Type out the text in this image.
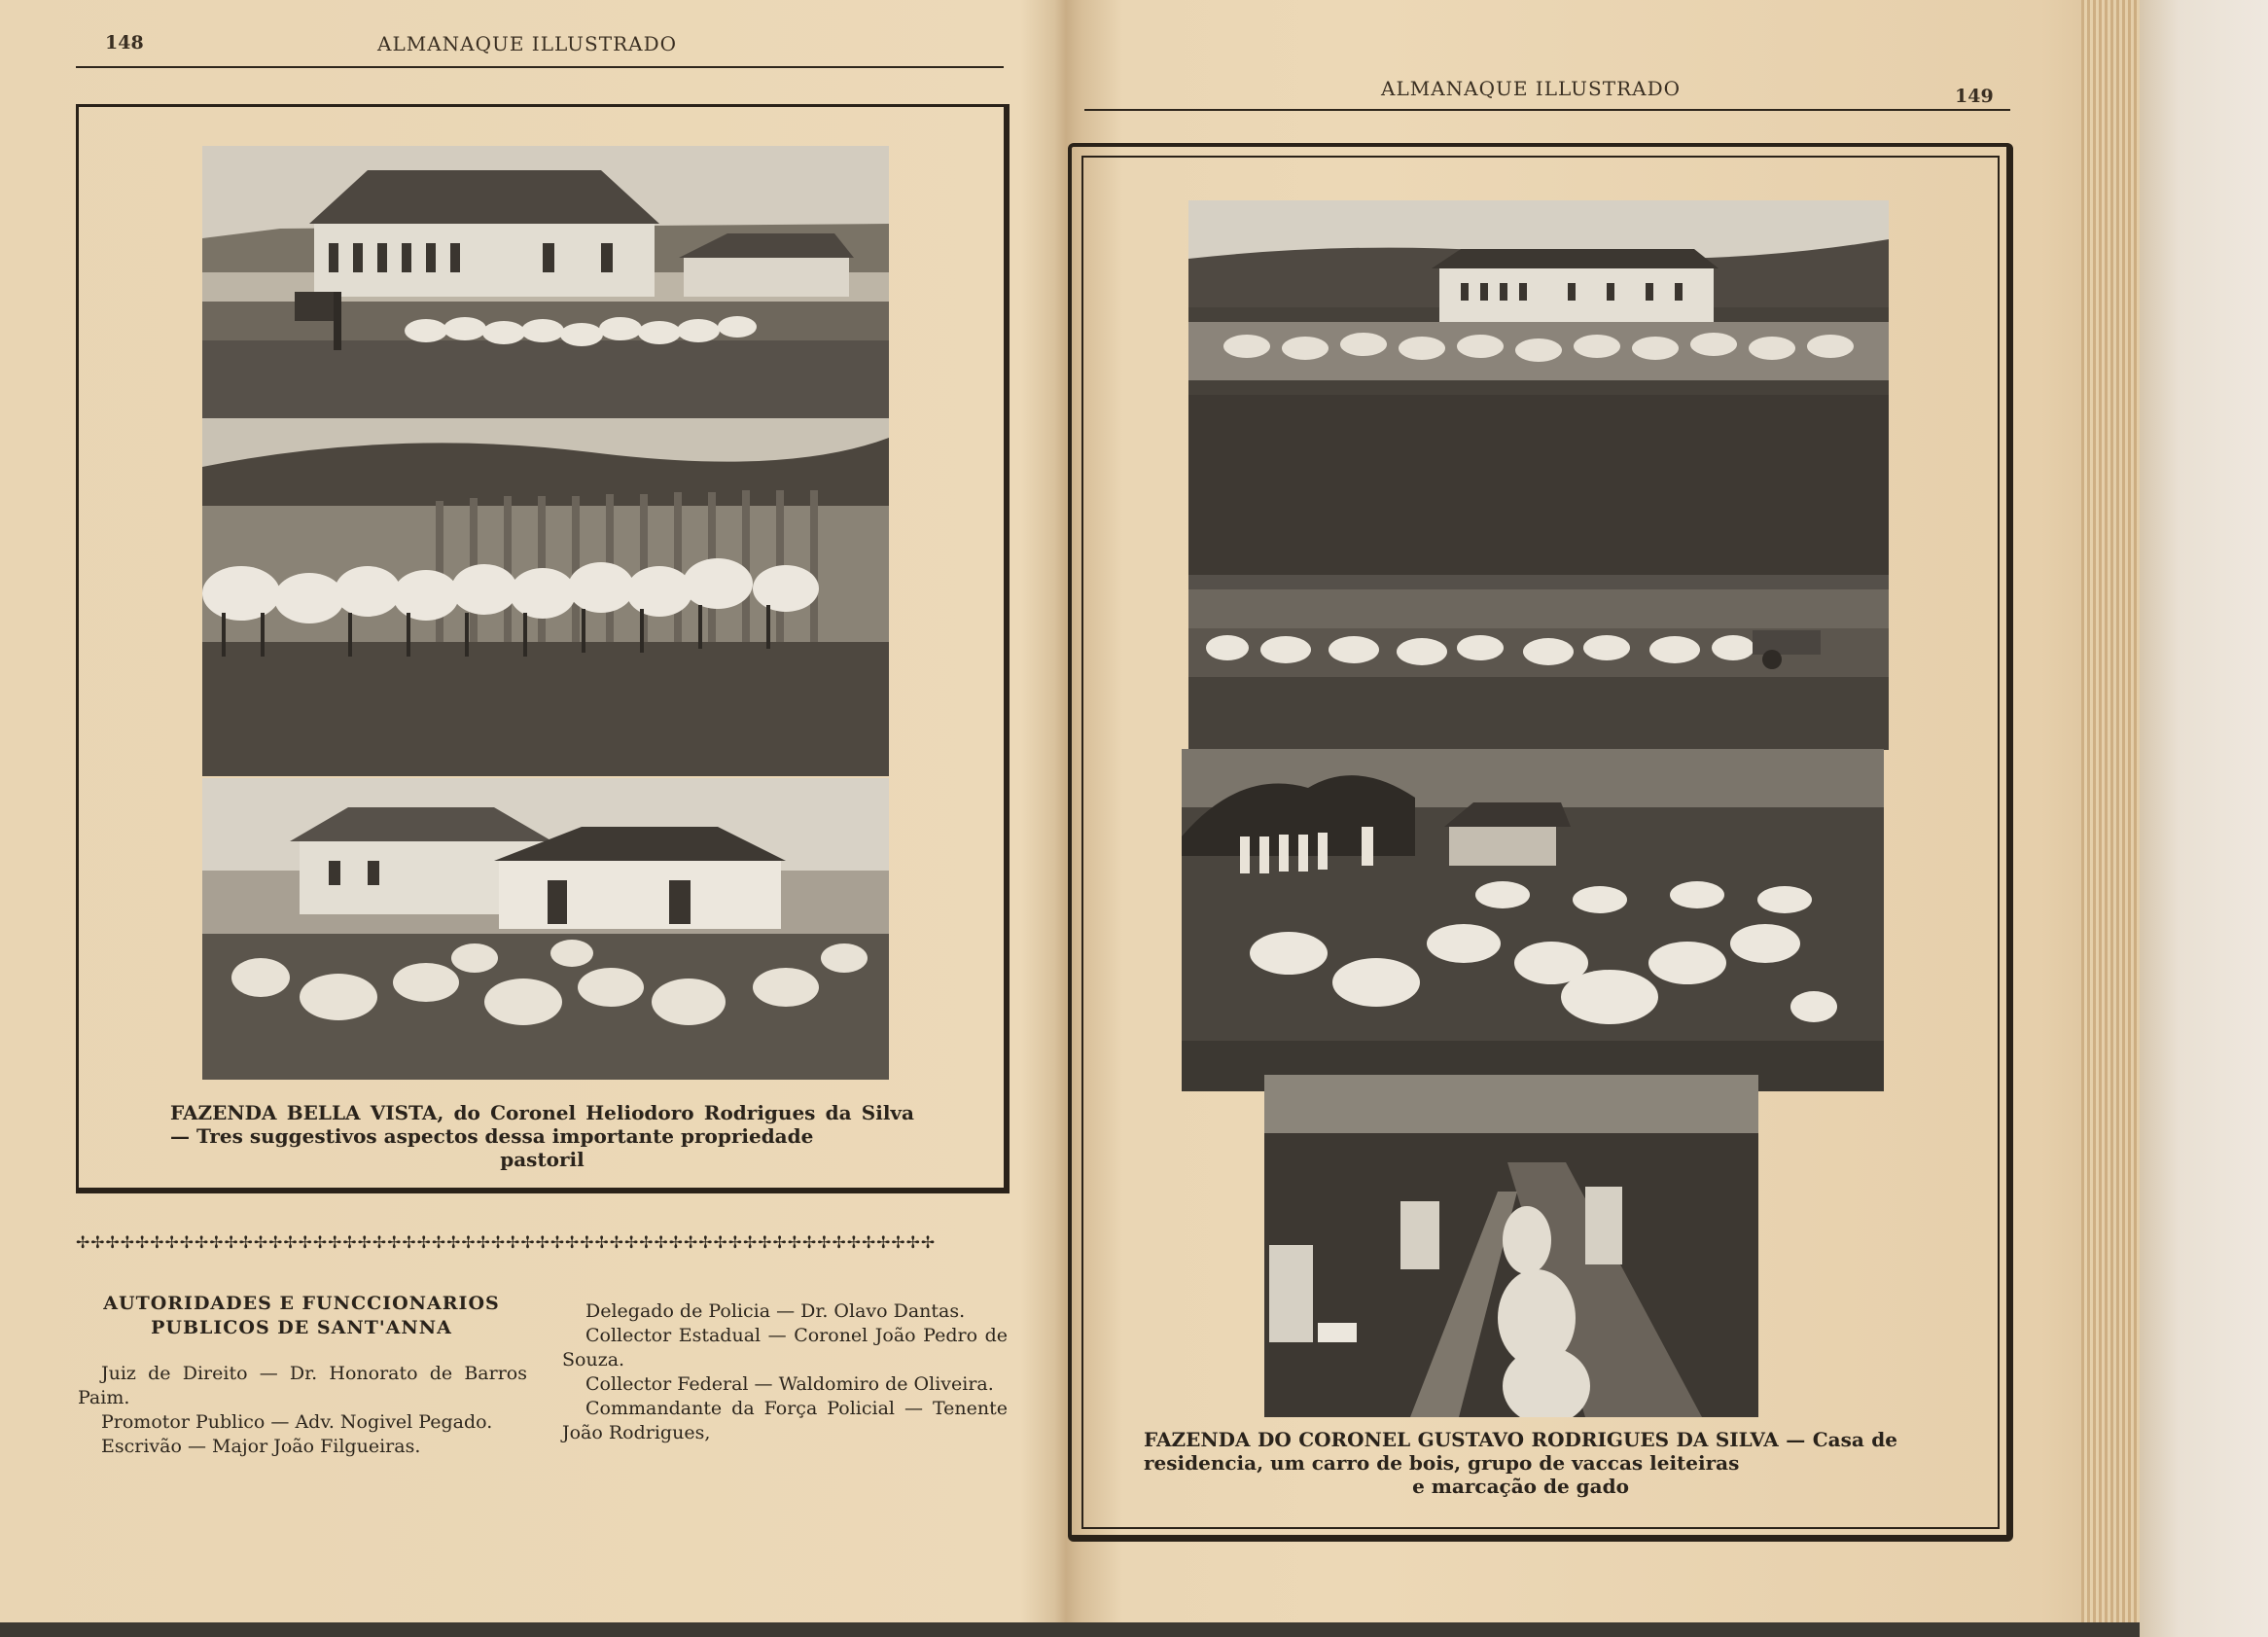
148	ALMANAQUE ILLUSTRADO
ALMANAQUE ILLUSTRADO	149
FAZENDA BELLA VISTA, do Coronel Heliodoro Rodrigues da Silva — Tres suggestivos aspectos dessa importante propriedade
pastoril
✢✢✢✢✢✢✢✢✢✢✢✢✢✢✢✢✢✢✢✢✢✢✢✢✢✢✢✢✢✢✢✢✢✢✢✢✢✢✢✢✢✢✢✢✢✢✢✢✢✢✢✢✢✢✢✢✢✢
AUTORIDADES E FUNCCIONARIOS
PUBLICOS DE SANT'ANNA

Juiz de Direito — Dr. Honorato de Barros Paim.

Promotor Publico — Adv. Nogivel Pegado.

Escrivão — Major João Filgueiras.

Delegado de Policia — Dr. Olavo Dantas.

Collector Estadual — Coronel João Pedro de Souza.

Collector Federal — Waldomiro de Oliveira.

Commandante da Força Policial — Tenente João Rodrigues,	FAZENDA DO CORONEL GUSTAVO RODRIGUES DA SILVA — Casa de residencia, um carro de bois, grupo de vaccas leiteiras
e marcação de gado
